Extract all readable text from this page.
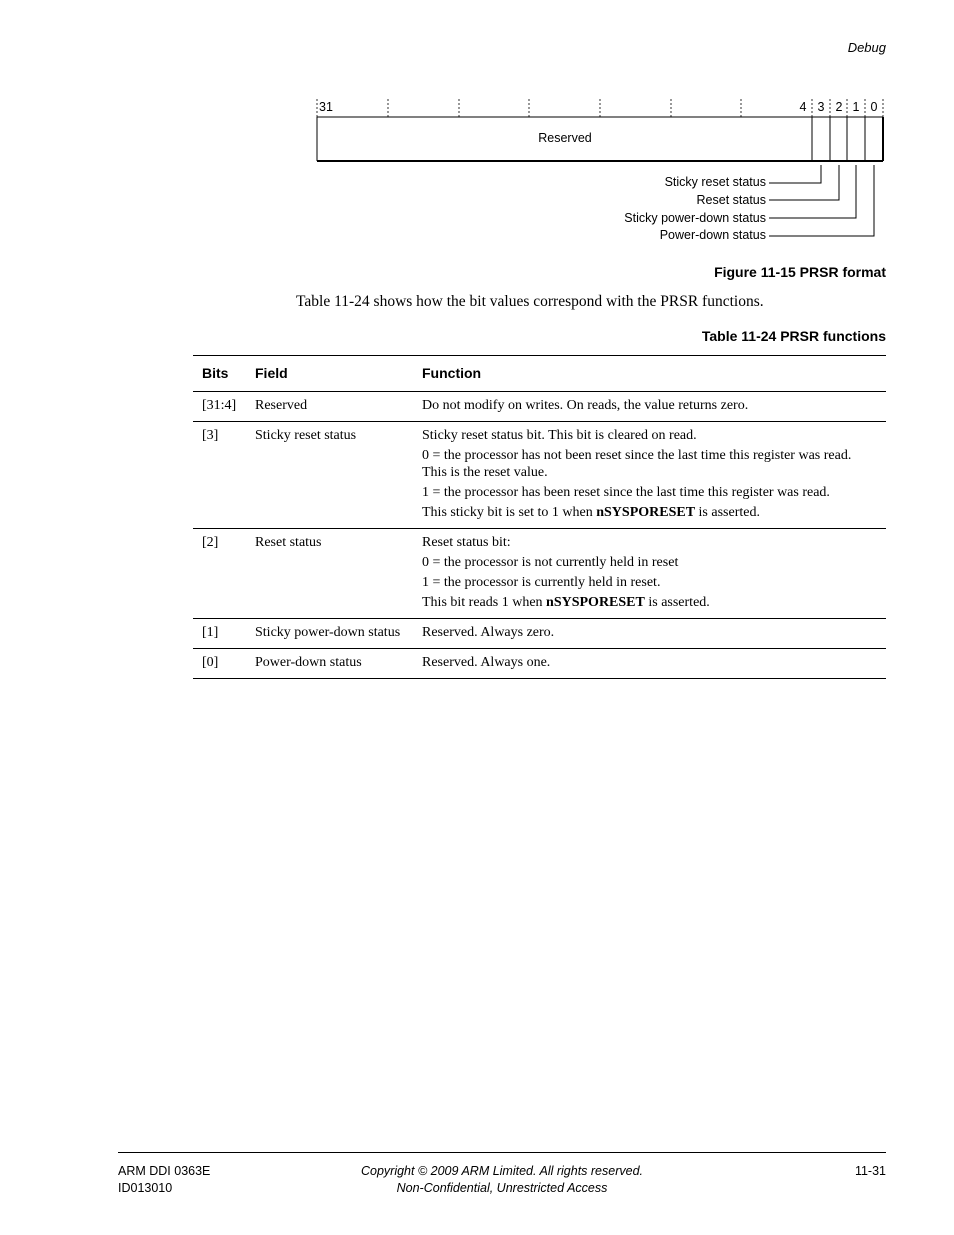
Debug
31	4 3 2 1 0
Reserved
Sticky reset status
Reset status
Sticky power-down status
Power-down status
Figure 11-15 PRSR format
Table 11-24 shows how the bit values correspond with the PRSR functions.
Table 11-24 PRSR functions
Bits	Field	Function
[31:4]	Reserved	Do not modify on writes. On reads, the value returns zero.

[3]	Sticky reset status	Sticky reset status bit. This bit is cleared on read.
0 = the processor has not been reset since the last time this register was read. This is the reset value.
1 = the processor has been reset since the last time this register was read.
This sticky bit is set to 1 when nSYSPORESET is asserted.

[2]	Reset status	Reset status bit:
0 = the processor is not currently held in reset
1 = the processor is currently held in reset.
This bit reads 1 when nSYSPORESET is asserted.

[1]	Sticky power-down status	Reserved. Always zero.

[0]	Power-down status	Reserved. Always one.
ARM DDI 0363E
ID013010
Copyright © 2009 ARM Limited. All rights reserved.
Non-Confidential, Unrestricted Access
11-31
